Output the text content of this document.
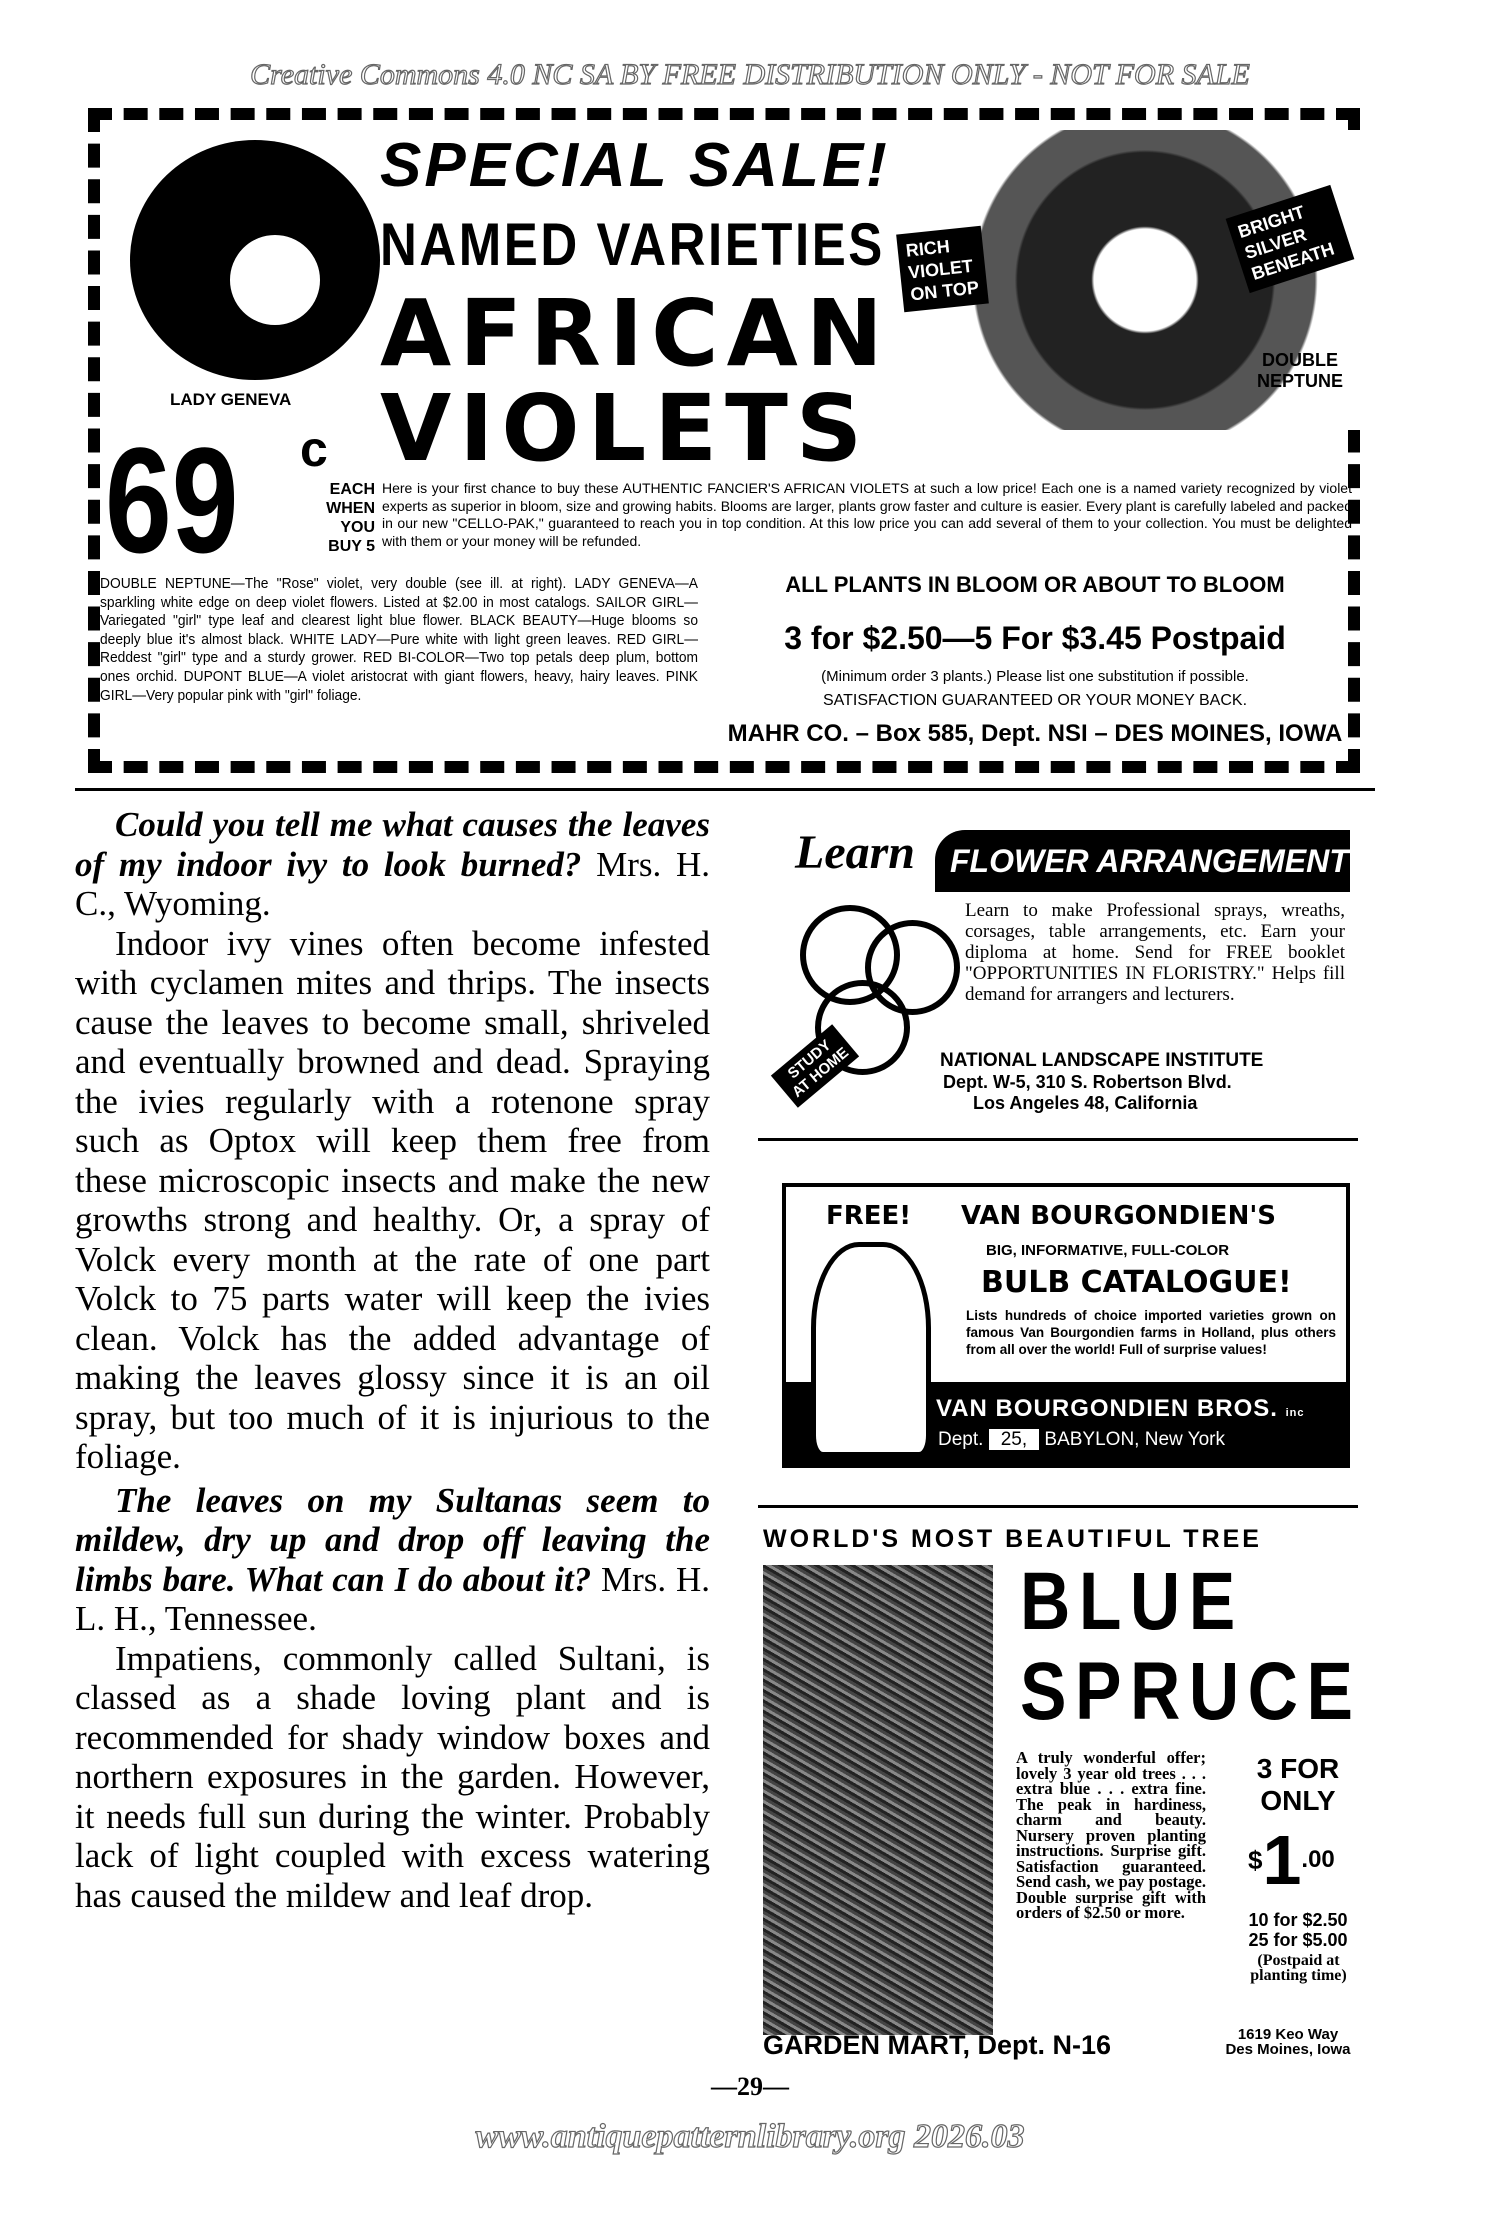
Creative Commons 4.0 NC SA BY FREE DISTRIBUTION ONLY - NOT FOR SALE
LADY GENEVA
SPECIAL SALE!
NAMED VARIETIES
AFRICAN
VIOLETS
RICH VIOLET ON TOP
BRIGHT SILVER BENEATH
DOUBLE NEPTUNE
69 c
EACH WHEN YOU BUY 5
Here is your first chance to buy these AUTHENTIC FANCIER'S AFRICAN VIOLETS at such a low price! Each one is a named variety recognized by violet experts as superior in bloom, size and growing habits. Blooms are larger, plants grow faster and culture is easier. Every plant is carefully labeled and packed in our new "CELLO-PAK," guaranteed to reach you in top condition. At this low price you can add several of them to your collection. You must be delighted with them or your money will be refunded.
DOUBLE NEPTUNE—The "Rose" violet, very double (see ill. at right). LADY GENEVA—A sparkling white edge on deep violet flowers. Listed at $2.00 in most catalogs. SAILOR GIRL—Variegated "girl" type leaf and clearest light blue flower. BLACK BEAUTY—Huge blooms so deeply blue it's almost black. WHITE LADY—Pure white with light green leaves. RED GIRL—Reddest "girl" type and a sturdy grower. RED BI-COLOR—Two top petals deep plum, bottom ones orchid. DUPONT BLUE—A violet aristocrat with giant flowers, heavy, hairy leaves. PINK GIRL—Very popular pink with "girl" foliage.
ALL PLANTS IN BLOOM OR ABOUT TO BLOOM
3 for $2.50—5 For $3.45 Postpaid
(Minimum order 3 plants.) Please list one substitution if possible.
SATISFACTION GUARANTEED OR YOUR MONEY BACK.
MAHR CO. – Box 585, Dept. NSI – DES MOINES, IOWA

Could you tell me what causes the leaves of my indoor ivy to look burned? Mrs. H. C., Wyoming.

Indoor ivy vines often become infested with cyclamen mites and thrips. The insects cause the leaves to become small, shriveled and eventually browned and dead. Spraying the ivies regularly with a rotenone spray such as Optox will keep them free from these microscopic insects and make the new growths strong and healthy. Or, a spray of Volck every month at the rate of one part Volck to 75 parts water will keep the ivies clean. Volck has the added advantage of making the leaves glossy since it is an oil spray, but too much of it is injurious to the foliage.

The leaves on my Sultanas seem to mildew, dry up and drop off leaving the limbs bare. What can I do about it? Mrs. H. L. H., Tennessee.

Impatiens, commonly called Sultani, is classed as a shade loving plant and is recommended for shady window boxes and northern exposures in the garden. However, it needs full sun during the winter. Probably lack of light coupled with excess watering has caused the mildew and leaf drop.

FLOWER ARRANGEMENT
Learn
STUDY AT HOME
Learn to make Professional sprays, wreaths, corsages, table arrangements, etc. Earn your diploma at home. Send for FREE booklet "OPPORTUNITIES IN FLORISTRY." Helps fill demand for arrangers and lecturers.
NATIONAL LANDSCAPE INSTITUTE
Dept. W-5, 310 S. Robertson Blvd.
Los Angeles 48, California
FREE! VAN BOURGONDIEN'S
BIG, INFORMATIVE, FULL-COLOR
BULB CATALOGUE!
Lists hundreds of choice imported varieties grown on famous Van Bourgondien farms in Holland, plus others from all over the world! Full of surprise values!
VAN BOURGONDIEN BROS. inc
Dept. 25, BABYLON, New York
WORLD'S MOST BEAUTIFUL TREE
BLUE
SPRUCE
A truly wonderful offer; lovely 3 year old trees . . . extra blue . . . extra fine. The peak in hardiness, charm and beauty. Nursery proven planting instructions. Surprise gift. Satisfaction guaranteed. Send cash, we pay postage. Double surprise gift with orders of $2.50 or more.
3 FOR
ONLY
$^{\$}1^{.00}$
10 for $2.50
25 for $5.00
(Postpaid at planting time)
GARDEN MART, Dept. N-16	1619 Keo Way
Des Moines, Iowa
—29—
www.antiquepatternlibrary.org 2026.03
